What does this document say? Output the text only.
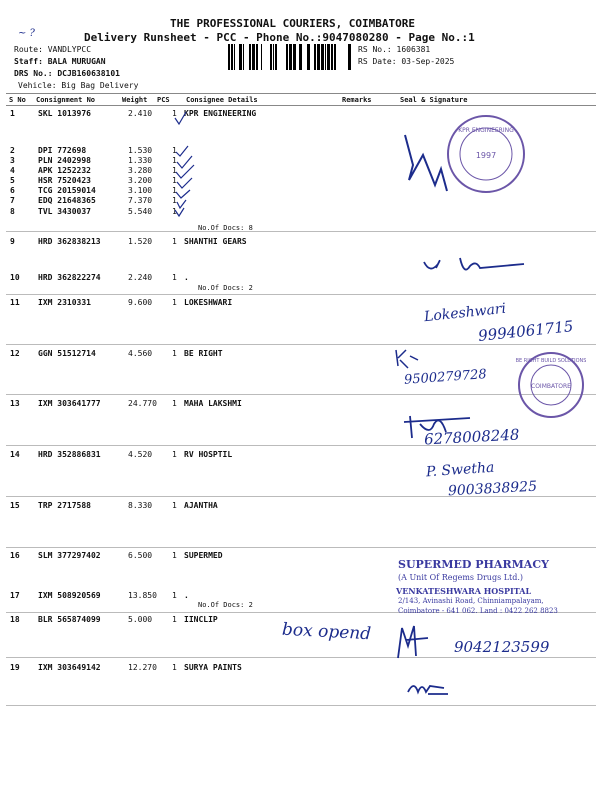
THE PROFESSIONAL COURIERS, COIMBATORE
Delivery Runsheet - PCC - Phone No.:9047080280 - Page No.:1
~ ?
Route: VANDLYPCC
Staff: BALA MURUGAN
DRS No.: DCJB160638101
Vehicle: Big Bag Delivery
RS No.: 1606381
RS Date: 03-Sep-2025
S No Consignment No	Weight PCS Consignee Details	Remarks	Seal & Signature
1	SKL 1013976	2.410 1 KPR ENGINEERING
2	DPI 772698	1.530 1
3	PLN 2402998	1.330 1
4	APK 1252232	3.280 1
5	HSR 7520423	3.200 1
6	TCG 20159014	3.100 1
7	EDQ 21648365	7.370 1
8	TVL 3430037	5.540 1
9	HRD 362838213	1.520 1 SHANTHI GEARS
10 HRD 362822274	2.240 1 .
11 IXM 2310331	9.600 1 LOKESHWARI
12 GGN 51512714	4.560 1 BE RIGHT
13 IXM 303641777	24.770 1 MAHA LAKSHMI
14 HRD 352886831	4.520 1 RV HOSPTIL
15 TRP 2717588	8.330 1 AJANTHA
16 SLM 377297402	6.500 1 SUPERMED
17 IXM 508920569	13.850 1 .
18 BLR 565874099	5.000 1 IINCLIP
19 IXM 303649142	12.270 1 SURYA PAINTS
No.Of Docs: 8
No.Of Docs: 2
No.Of Docs: 2
1997
KPR ENGINEERING
Lokeshwari
9994061715
9500279728	COIMBATORE
BE RIGHT BUILD SOLUTIONS
6278008248
P. Swetha
9003838925
SUPERMED PHARMACY
(A Unit Of Regems Drugs Ltd.)
VENKATESHWARA HOSPITAL
2/143, Avinashi Road, Chinniampalayam,
Coimbatore - 641 062. Land : 0422 262 8823
box opend
9042123599
